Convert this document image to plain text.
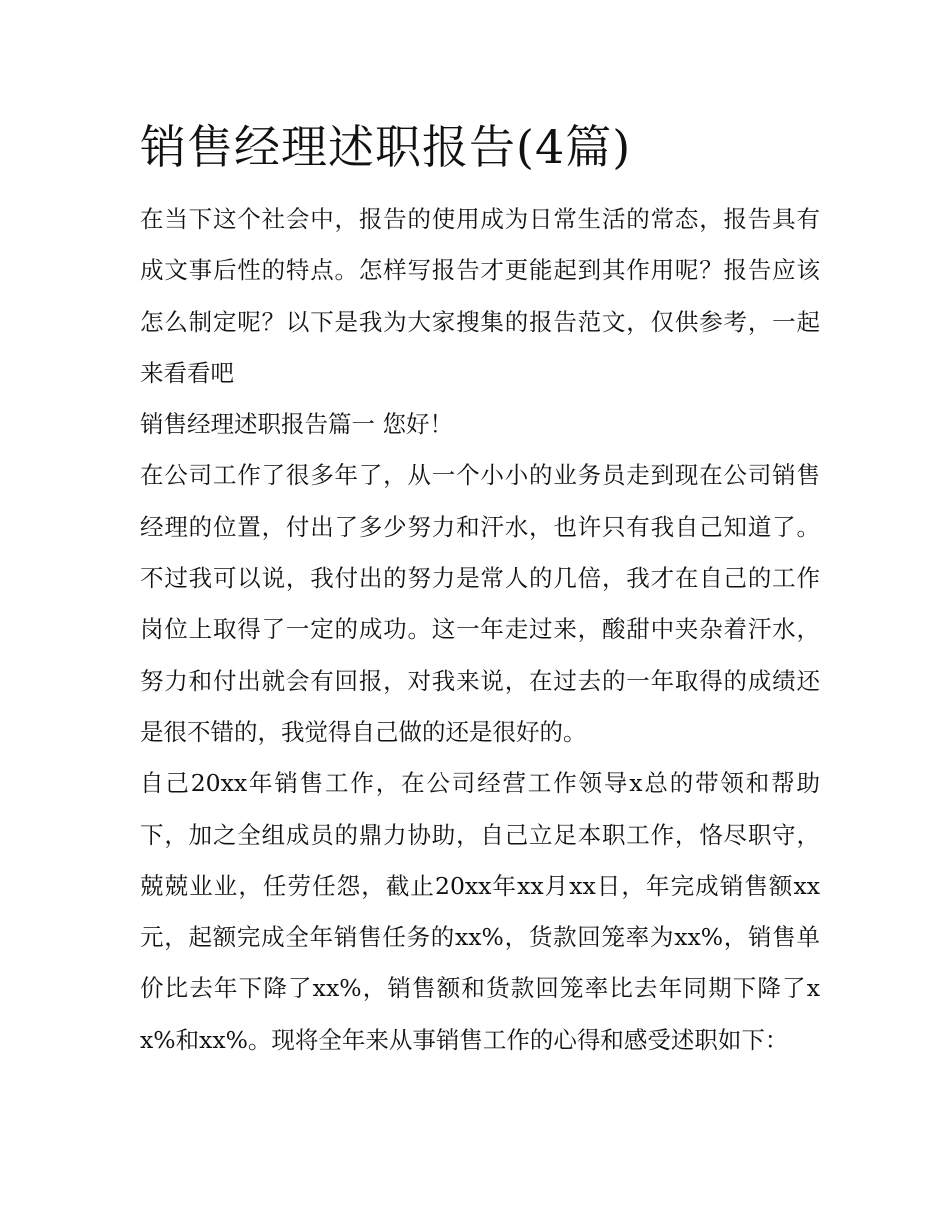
销售经理述职报告(4篇)

在当下这个社会中，报告的使用成为日常生活的常态，报告具有成文事后性的特点。怎样写报告才更能起到其作用呢？报告应该怎么制定呢？以下是我为大家搜集的报告范文，仅供参考，一起来看看吧

销售经理述职报告篇一 您好！

在公司工作了很多年了，从一个小小的业务员走到现在公司销售经理的位置，付出了多少努力和汗水，也许只有我自己知道了。不过我可以说，我付出的努力是常人的几倍，我才在自己的工作岗位上取得了一定的成功。这一年走过来，酸甜中夹杂着汗水，努力和付出就会有回报，对我来说，在过去的一年取得的成绩还是很不错的，我觉得自己做的还是很好的。

自己20xx年销售工作，在公司经营工作领导x总的带领和帮助下，加之全组成员的鼎力协助，自己立足本职工作，恪尽职守，兢兢业业，任劳任怨，截止20xx年xx月xx日，年完成销售额xx元，起额完成全年销售任务的xx%，货款回笼率为xx%，销售单价比去年下降了xx%，销售额和货款回笼率比去年同期下降了xx%和xx%。现将全年来从事销售工作的心得和感受述职如下：
